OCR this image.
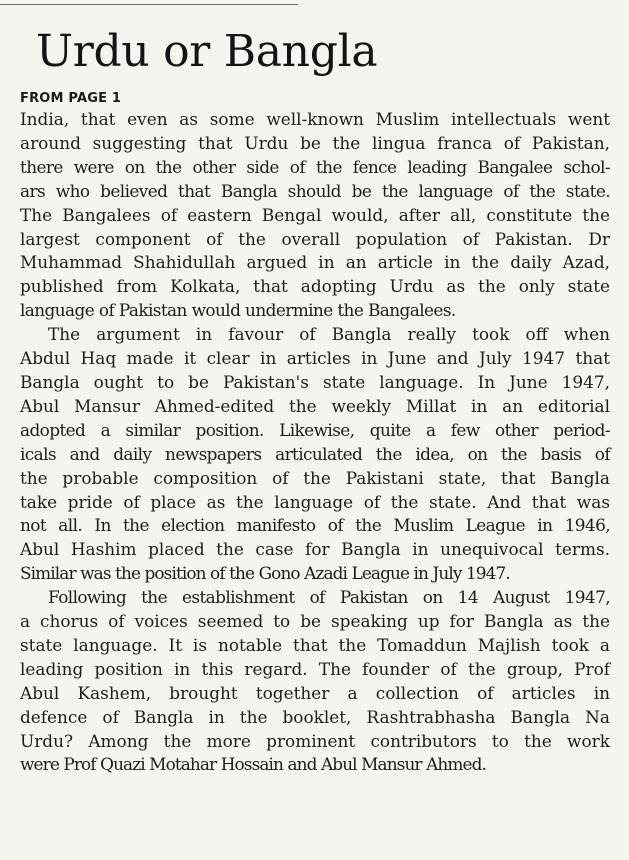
Urdu or Bangla
FROM PAGE 1
India, that even as some well-known Muslim intellectuals went
around suggesting that Urdu be the lingua franca of Pakistan,
there were on the other side of the fence leading Bangalee schol-
ars who believed that Bangla should be the language of the state.
The Bangalees of eastern Bengal would, after all, constitute the
largest component of the overall population of Pakistan. Dr
Muhammad Shahidullah argued in an article in the daily Azad,
published from Kolkata, that adopting Urdu as the only state
language of Pakistan would undermine the Bangalees.
The argument in favour of Bangla really took off when
Abdul Haq made it clear in articles in June and July 1947 that
Bangla ought to be Pakistan's state language. In June 1947,
Abul Mansur Ahmed-edited the weekly Millat in an editorial
adopted a similar position. Likewise, quite a few other period-
icals and daily newspapers articulated the idea, on the basis of
the probable composition of the Pakistani state, that Bangla
take pride of place as the language of the state. And that was
not all. In the election manifesto of the Muslim League in 1946,
Abul Hashim placed the case for Bangla in unequivocal terms.
Similar was the position of the Gono Azadi League in July 1947.
Following the establishment of Pakistan on 14 August 1947,
a chorus of voices seemed to be speaking up for Bangla as the
state language. It is notable that the Tomaddun Majlish took a
leading position in this regard. The founder of the group, Prof
Abul Kashem, brought together a collection of articles in
defence of Bangla in the booklet, Rashtrabhasha Bangla Na
Urdu? Among the more prominent contributors to the work
were Prof Quazi Motahar Hossain and Abul Mansur Ahmed.
